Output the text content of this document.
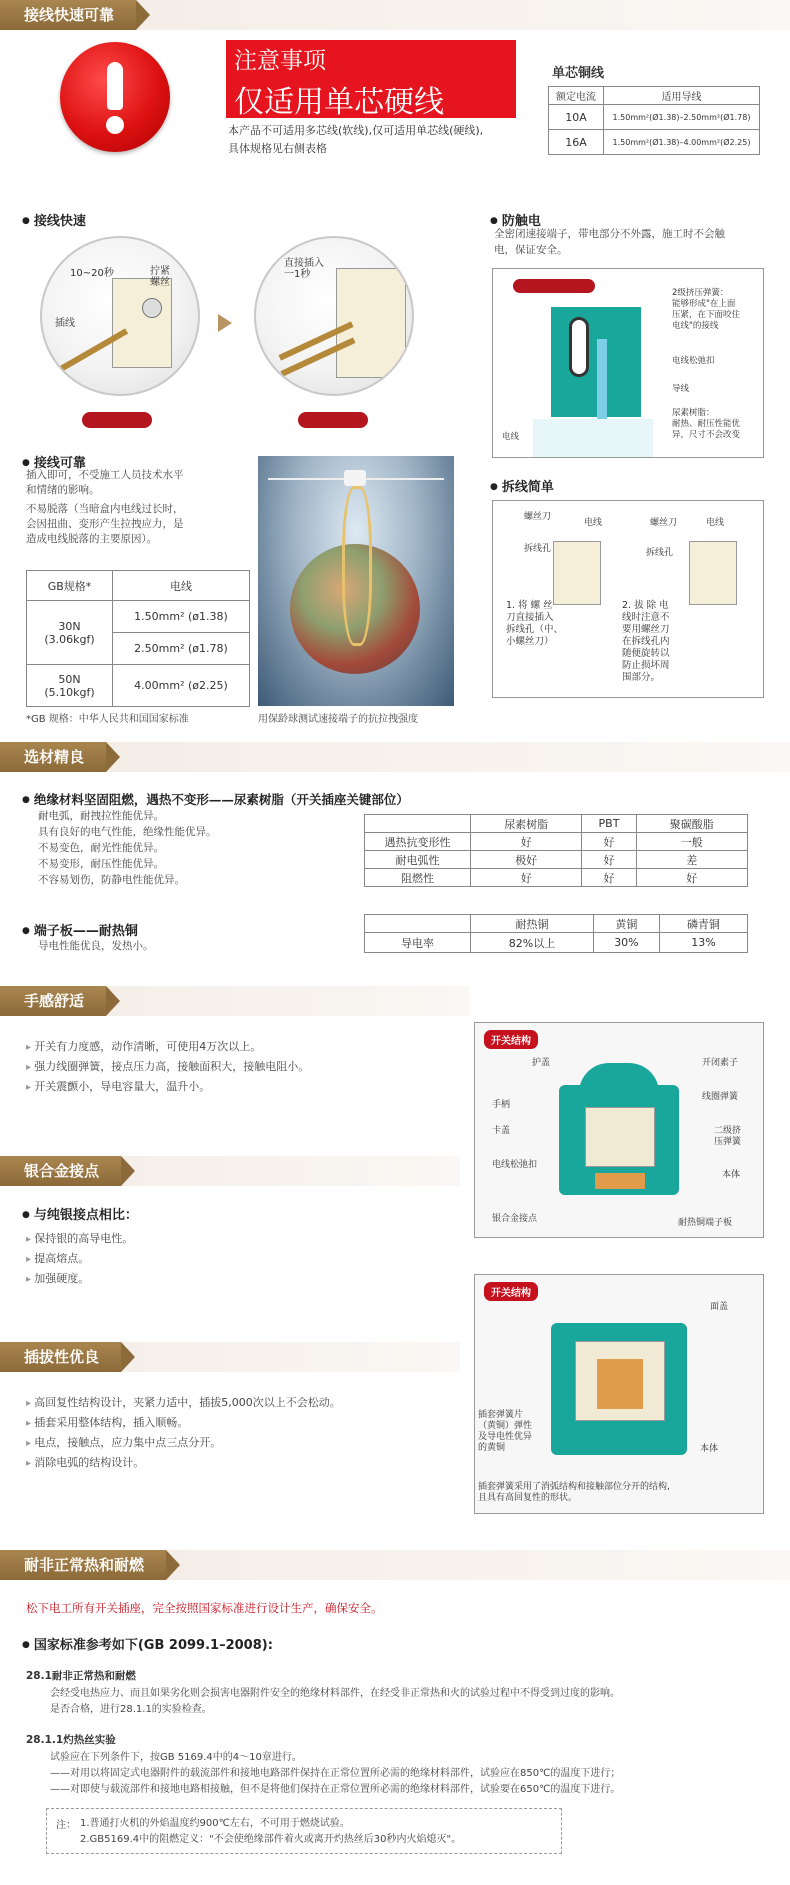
接线快速可靠
注意事项
仅适用单芯硬线
本产品不可适用多芯线(软线),仅可适用单芯线(硬线),
具体规格见右侧表格
单芯铜线
额定电流	适用导线
10A	1.50mm²(Ø1.38)–2.50mm²(Ø1.78)
16A	1.50mm²(Ø1.38)–4.00mm²(Ø2.25)
● 接线快速
10~20秒	拧紧
螺丝
插线
直接插入
一1秒
● 防触电
全密闭速接端子，带电部分不外露，施工时不会触
电，保证安全。
2级挤压弹簧：
能够形成"在上面
压紧，在下面咬住
电线"的接线
电线松弛扣
导线
尿素树脂：
耐热、耐压性能优
异，尺寸不会改变
电线
● 接线可靠
插入即可，不受施工人员技术水平
和情绪的影响。
不易脱落（当暗盒内电线过长时，
会因扭曲、变形产生拉拽应力，是
造成电线脱落的主要原因）。
GB规格*	电线
30N
(3.06kgf)	1.50mm² (ø1.38)
	2.50mm² (ø1.78)
50N
(5.10kgf)	4.00mm² (ø2.25)
*GB 规格：中华人民共和国国家标准	用保龄球测试速接端子的抗拉拽强度
● 拆线简单
螺丝刀
电线
拆线孔
螺丝刀	电线
拆线孔
1. 将 螺 丝
刀直接插入
拆线孔（中、
小螺丝刀）
2. 拔 除 电
线时注意不
要用螺丝刀
在拆线孔内
随便旋转以
防止损坏周
围部分。
选材精良
● 绝缘材料坚固阻燃，遇热不变形——尿素树脂（开关插座关键部位）
耐电弧，耐拽拉性能优异。
具有良好的电气性能，绝缘性能优异。
不易变色，耐光性能优异。
不易变形，耐压性能优异。
不容易划伤，防静电性能优异。
	尿素树脂	PBT	聚碳酸脂
遇热抗变形性	好	好	一般
耐电弧性	极好	好	差
阻燃性	好	好	好
● 端子板——耐热铜
导电性能优良，发热小。
	耐热铜	黄铜	磷青铜
导电率	82%以上	30%	13%
手感舒适
▸ 开关有力度感，动作清晰，可使用4万次以上。
▸ 强力线圈弹簧，接点压力高，接触面积大，接触电阻小。
▸ 开关震颤小，导电容量大，温升小。
开关结构
护盖
手柄
卡盖
电线松弛扣
银合金接点
开闭素子
线圈弹簧
二级挤
压弹簧
本体
耐热铜端子板
银合金接点
● 与纯银接点相比：
▸ 保持银的高导电性。
▸ 提高熔点。
▸ 加强硬度。
开关结构
面盖
插套弹簧片
（黄铜）弹性
及导电性优异
的黄铜	本体
插套弹簧采用了消弧结构和接触部位分开的结构,
且具有高回复性的形状。
插拔性优良
▸ 高回复性结构设计，夹紧力适中，插拔5,000次以上不会松动。
▸ 插套采用整体结构，插入顺畅。
▸ 电点，接触点，应力集中点三点分开。
▸ 消除电弧的结构设计。
耐非正常热和耐燃
松下电工所有开关插座，完全按照国家标准进行设计生产，确保安全。
● 国家标准参考如下(GB 2099.1–2008):
28.1耐非正常热和耐燃
会经受电热应力、而且如果劣化则会损害电器附件安全的绝缘材料部件，在经受非正常热和火的试验过程中不得受到过度的影响。
是否合格，进行28.1.1的实验检查。
28.1.1灼热丝实验
试验应在下列条件下，按GB 5169.4中的4～10章进行。
——对用以将固定式电器附件的载流部件和接地电路部件保持在正常位置所必需的绝缘材料部件，试验应在850℃的温度下进行；
——对即使与载流部件和接地电路相接触，但不是将他们保持在正常位置所必需的绝缘材料部件，试验要在650℃的温度下进行。
注： 1.普通打火机的外焰温度约900℃左右，不可用于燃烧试验。
2.GB5169.4中的阻燃定义："不会使绝缘部件着火或离开灼热丝后30秒内火焰熄灭"。
